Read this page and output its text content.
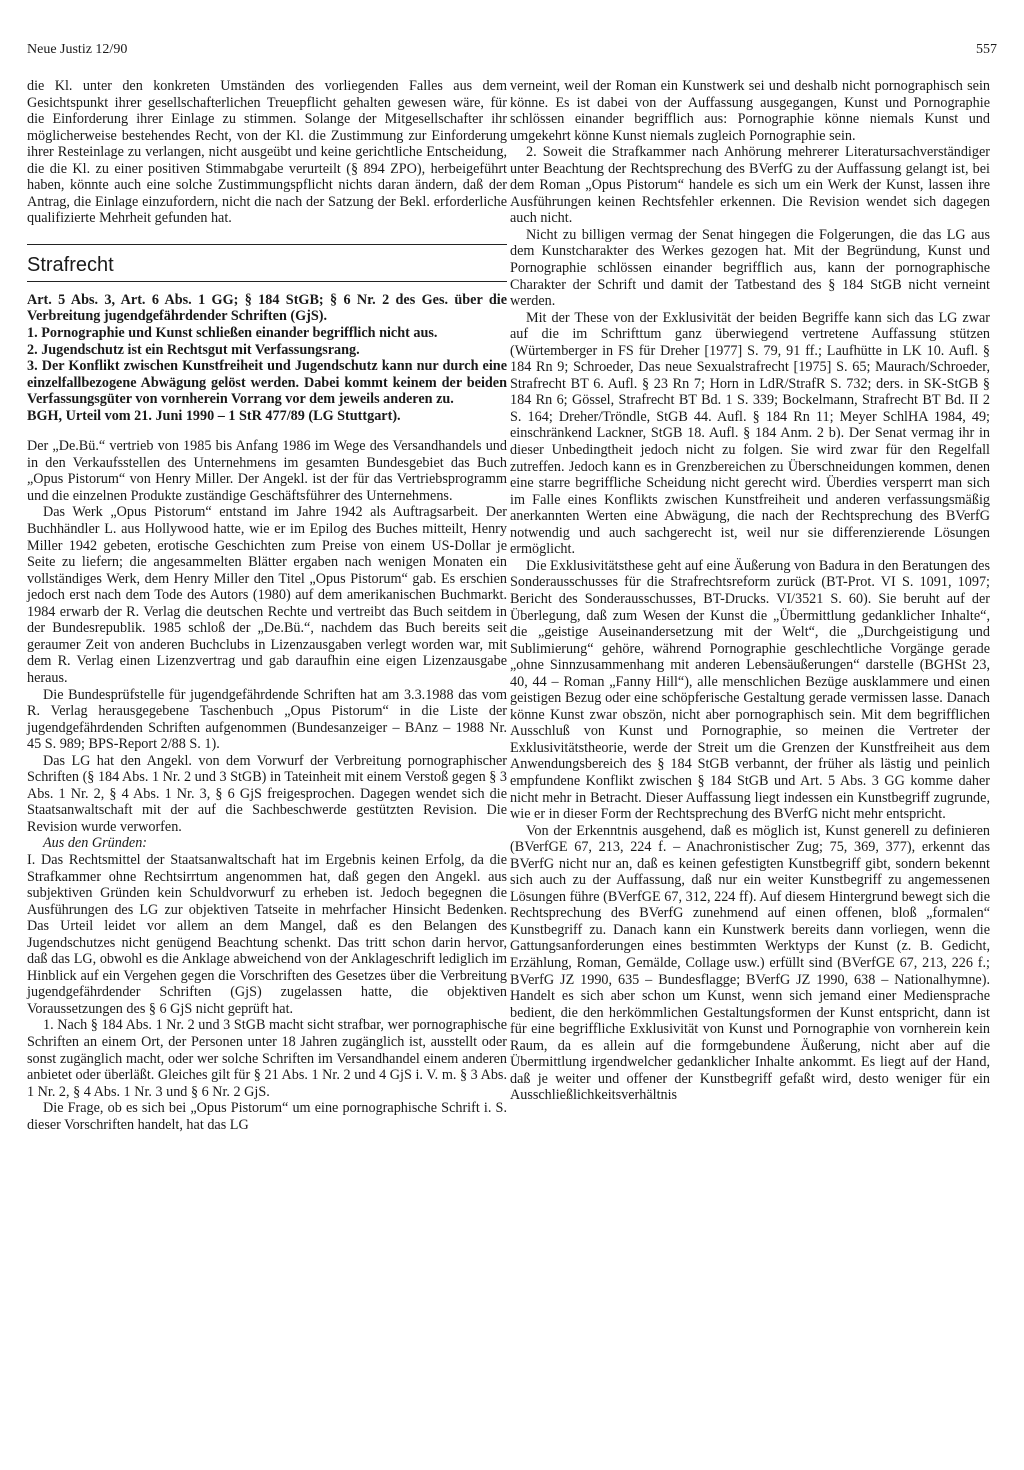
Neue Justiz 12/90	557

die Kl. unter den konkreten Umständen des vorliegenden Falles aus dem Gesichtspunkt ihrer gesellschafterlichen Treuepflicht gehalten gewesen wäre, für die Einforderung ihrer Einlage zu stimmen. Solange der Mitgesellschafter ihr möglicherweise bestehendes Recht, von der Kl. die Zustimmung zur Einforderung ihrer Resteinlage zu verlangen, nicht ausgeübt und keine gerichtliche Entscheidung, die die Kl. zu einer positiven Stimmabgabe verurteilt (§ 894 ZPO), herbeigeführt haben, könnte auch eine solche Zustimmungspflicht nichts daran ändern, daß der Antrag, die Einlage einzufordern, nicht die nach der Satzung der Bekl. erforderliche qualifizierte Mehrheit gefunden hat.

Strafrecht

Art. 5 Abs. 3, Art. 6 Abs. 1 GG; § 184 StGB; § 6 Nr. 2 des Ges. über die Verbreitung jugendgefährdender Schriften (GjS).

1. Pornographie und Kunst schließen einander begrifflich nicht aus.

2. Jugendschutz ist ein Rechtsgut mit Verfassungsrang.

3. Der Konflikt zwischen Kunstfreiheit und Jugendschutz kann nur durch eine einzelfallbezogene Abwägung gelöst werden. Dabei kommt keinem der beiden Verfassungsgüter von vornherein Vorrang vor dem jeweils anderen zu.

BGH, Urteil vom 21. Juni 1990 – 1 StR 477/89 (LG Stuttgart).

Der „De.Bü.“ vertrieb von 1985 bis Anfang 1986 im Wege des Versandhandels und in den Verkaufsstellen des Unternehmens im gesamten Bundesgebiet das Buch „Opus Pistorum“ von Henry Miller. Der Angekl. ist der für das Vertriebsprogramm und die einzelnen Produkte zuständige Geschäftsführer des Unternehmens.

Das Werk „Opus Pistorum“ entstand im Jahre 1942 als Auftragsarbeit. Der Buchhändler L. aus Hollywood hatte, wie er im Epilog des Buches mitteilt, Henry Miller 1942 gebeten, erotische Geschichten zum Preise von einem US-Dollar je Seite zu liefern; die angesammelten Blätter ergaben nach wenigen Monaten ein vollständiges Werk, dem Henry Miller den Titel „Opus Pistorum“ gab. Es erschien jedoch erst nach dem Tode des Autors (1980) auf dem amerikanischen Buchmarkt. 1984 erwarb der R. Verlag die deutschen Rechte und vertreibt das Buch seitdem in der Bundesrepublik. 1985 schloß der „De.Bü.“, nachdem das Buch bereits seit geraumer Zeit von anderen Buchclubs in Lizenzausgaben verlegt worden war, mit dem R. Verlag einen Lizenzvertrag und gab daraufhin eine eigen Lizenzausgabe heraus.

Die Bundesprüfstelle für jugendgefährdende Schriften hat am 3.3.1988 das vom R. Verlag herausgegebene Taschenbuch „Opus Pistorum“ in die Liste der jugendgefährdenden Schriften aufgenommen (Bundesanzeiger – BAnz – 1988 Nr. 45 S. 989; BPS-Report 2/88 S. 1).

Das LG hat den Angekl. von dem Vorwurf der Verbreitung pornographischer Schriften (§ 184 Abs. 1 Nr. 2 und 3 StGB) in Tateinheit mit einem Verstoß gegen § 3 Abs. 1 Nr. 2, § 4 Abs. 1 Nr. 3, § 6 GjS freigesprochen. Dagegen wendet sich die Staatsanwaltschaft mit der auf die Sachbeschwerde gestützten Revision. Die Revision wurde verworfen.

Aus den Gründen:

I. Das Rechtsmittel der Staatsanwaltschaft hat im Ergebnis keinen Erfolg, da die Strafkammer ohne Rechtsirrtum angenommen hat, daß gegen den Angekl. aus subjektiven Gründen kein Schuldvorwurf zu erheben ist. Jedoch begegnen die Ausführungen des LG zur objektiven Tatseite in mehrfacher Hinsicht Bedenken. Das Urteil leidet vor allem an dem Mangel, daß es den Belangen des Jugendschutzes nicht genügend Beachtung schenkt. Das tritt schon darin hervor, daß das LG, obwohl es die Anklage abweichend von der Anklageschrift lediglich im Hinblick auf ein Vergehen gegen die Vorschriften des Gesetzes über die Verbreitung jugendgefährdender Schriften (GjS) zugelassen hatte, die objektiven Voraussetzungen des § 6 GjS nicht geprüft hat.

1. Nach § 184 Abs. 1 Nr. 2 und 3 StGB macht sicht strafbar, wer pornographische Schriften an einem Ort, der Personen unter 18 Jahren zugänglich ist, ausstellt oder sonst zugänglich macht, oder wer solche Schriften im Versandhandel einem anderen anbietet oder überläßt. Gleiches gilt für § 21 Abs. 1 Nr. 2 und 4 GjS i. V. m. § 3 Abs. 1 Nr. 2, § 4 Abs. 1 Nr. 3 und § 6 Nr. 2 GjS.

Die Frage, ob es sich bei „Opus Pistorum“ um eine pornographische Schrift i. S. dieser Vorschriften handelt, hat das LG

verneint, weil der Roman ein Kunstwerk sei und deshalb nicht pornographisch sein könne. Es ist dabei von der Auffassung ausgegangen, Kunst und Pornographie schlössen einander begrifflich aus: Pornographie könne niemals Kunst und umgekehrt könne Kunst niemals zugleich Pornographie sein.

2. Soweit die Strafkammer nach Anhörung mehrerer Literatursachverständiger unter Beachtung der Rechtsprechung des BVerfG zu der Auffassung gelangt ist, bei dem Roman „Opus Pistorum“ handele es sich um ein Werk der Kunst, lassen ihre Ausführungen keinen Rechtsfehler erkennen. Die Revision wendet sich dagegen auch nicht.

Nicht zu billigen vermag der Senat hingegen die Folgerungen, die das LG aus dem Kunstcharakter des Werkes gezogen hat. Mit der Begründung, Kunst und Pornographie schlössen einander begrifflich aus, kann der pornographische Charakter der Schrift und damit der Tatbestand des § 184 StGB nicht verneint werden.

Mit der These von der Exklusivität der beiden Begriffe kann sich das LG zwar auf die im Schrifttum ganz überwiegend vertretene Auffassung stützen (Würtemberger in FS für Dreher [1977] S. 79, 91 ff.; Laufhütte in LK 10. Aufl. § 184 Rn 9; Schroeder, Das neue Sexualstrafrecht [1975] S. 65; Maurach/Schroeder, Strafrecht BT 6. Aufl. § 23 Rn 7; Horn in LdR/StrafR S. 732; ders. in SK-StGB § 184 Rn 6; Gössel, Strafrecht BT Bd. 1 S. 339; Bockelmann, Strafrecht BT Bd. II 2 S. 164; Dreher/Tröndle, StGB 44. Aufl. § 184 Rn 11; Meyer SchlHA 1984, 49; einschränkend Lackner, StGB 18. Aufl. § 184 Anm. 2 b). Der Senat vermag ihr in dieser Unbedingtheit jedoch nicht zu folgen. Sie wird zwar für den Regelfall zutreffen. Jedoch kann es in Grenzbereichen zu Überschneidungen kommen, denen eine starre begriffliche Scheidung nicht gerecht wird. Überdies versperrt man sich im Falle eines Konflikts zwischen Kunstfreiheit und anderen verfassungsmäßig anerkannten Werten eine Abwägung, die nach der Rechtsprechung des BVerfG notwendig und auch sachgerecht ist, weil nur sie differenzierende Lösungen ermöglicht.

Die Exklusivitätsthese geht auf eine Äußerung von Badura in den Beratungen des Sonderausschusses für die Strafrechtsreform zurück (BT-Prot. VI S. 1091, 1097; Bericht des Sonderausschusses, BT-Drucks. VI/3521 S. 60). Sie beruht auf der Überlegung, daß zum Wesen der Kunst die „Übermittlung gedanklicher Inhalte“, die „geistige Auseinandersetzung mit der Welt“, die „Durchgeistigung und Sublimierung“ gehöre, während Pornographie geschlechtliche Vorgänge gerade „ohne Sinnzusammenhang mit anderen Lebensäußerungen“ darstelle (BGHSt 23, 40, 44 – Roman „Fanny Hill“), alle menschlichen Bezüge ausklammere und einen geistigen Bezug oder eine schöpferische Gestaltung gerade vermissen lasse. Danach könne Kunst zwar obszön, nicht aber pornographisch sein. Mit dem begrifflichen Ausschluß von Kunst und Pornographie, so meinen die Vertreter der Exklusivitätstheorie, werde der Streit um die Grenzen der Kunstfreiheit aus dem Anwendungsbereich des § 184 StGB verbannt, der früher als lästig und peinlich empfundene Konflikt zwischen § 184 StGB und Art. 5 Abs. 3 GG komme daher nicht mehr in Betracht. Dieser Auffassung liegt indessen ein Kunstbegriff zugrunde, wie er in dieser Form der Rechtsprechung des BVerfG nicht mehr entspricht.

Von der Erkenntnis ausgehend, daß es möglich ist, Kunst generell zu definieren (BVerfGE 67, 213, 224 f. – Anachronistischer Zug; 75, 369, 377), erkennt das BVerfG nicht nur an, daß es keinen gefestigten Kunstbegriff gibt, sondern bekennt sich auch zu der Auffassung, daß nur ein weiter Kunstbegriff zu angemessenen Lösungen führe (BVerfGE 67, 312, 224 ff). Auf diesem Hintergrund bewegt sich die Rechtsprechung des BVerfG zunehmend auf einen offenen, bloß „formalen“ Kunstbegriff zu. Danach kann ein Kunstwerk bereits dann vorliegen, wenn die Gattungsanforderungen eines bestimmten Werktyps der Kunst (z. B. Gedicht, Erzählung, Roman, Gemälde, Collage usw.) erfüllt sind (BVerfGE 67, 213, 226 f.; BVerfG JZ 1990, 635 – Bundesflagge; BVerfG JZ 1990, 638 – Nationalhymne). Handelt es sich aber schon um Kunst, wenn sich jemand einer Mediensprache bedient, die den herkömmlichen Gestaltungsformen der Kunst entspricht, dann ist für eine begriffliche Exklusivität von Kunst und Pornographie von vornherein kein Raum, da es allein auf die formgebundene Äußerung, nicht aber auf die Übermittlung irgendwelcher gedanklicher Inhalte ankommt. Es liegt auf der Hand, daß je weiter und offener der Kunstbegriff gefaßt wird, desto weniger für ein Ausschließlichkeitsverhältnis
